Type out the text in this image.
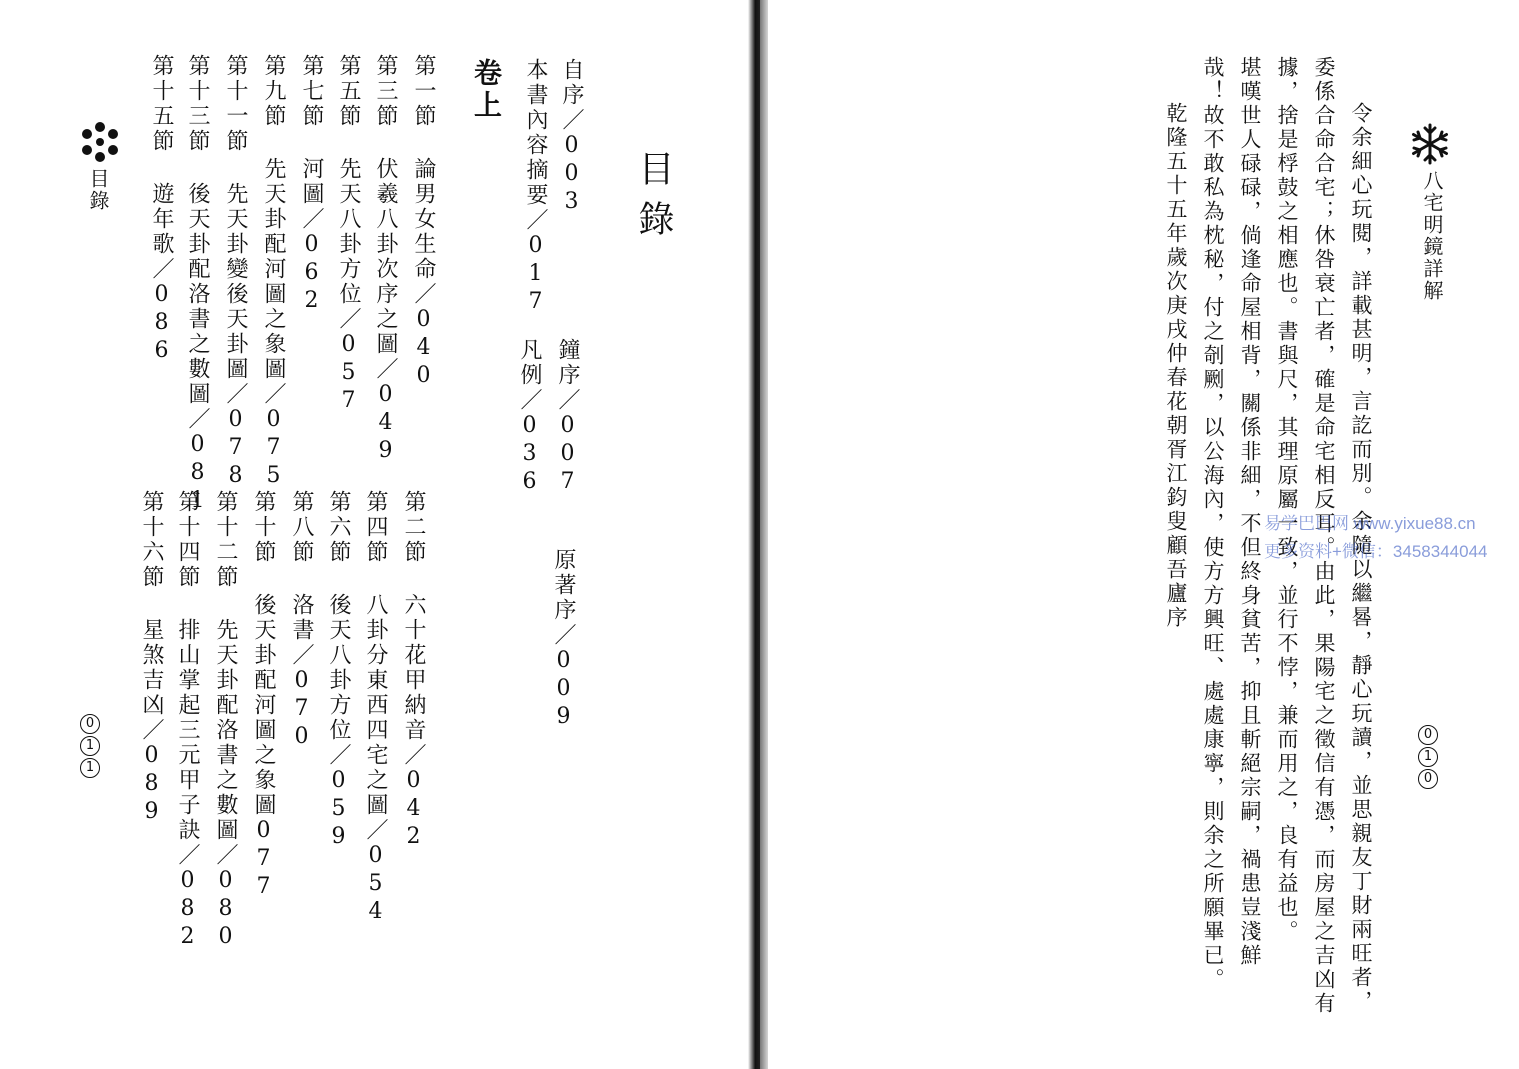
目錄
0
1
1
目錄
自序／003
本書內容摘要／017
鐘序／007
凡例／036
原著序／009
卷上
第一節 論男女生命／040
第三節 伏羲八卦次序之圖／049
第五節 先天八卦方位／057
第七節 河圖／062
第九節 先天卦配河圖之象圖／075
第十一節 先天卦變後天卦圖／078
第十三節 後天卦配洛書之數圖／081
第十五節 遊年歌／086
第二節 六十花甲納音／042
第四節 八卦分東西四宅之圖／054
第六節 後天八卦方位／059
第八節 洛書／070
第十節 後天卦配河圖之象圖077
第十二節 先天卦配洛書之數圖／080
第十四節 排山掌起三元甲子訣／082
第十六節 星煞吉凶／089
八宅明鏡詳解
0
1
0
令余細心玩閱，詳載甚明，言訖而別。余隨以繼晷，靜心玩讀，並思親友丁財兩旺者，
委係合命合宅；休咎衰亡者，確是命宅相反耳。由此，果陽宅之徵信有憑，而房屋之吉凶有
據，捨是桴鼓之相應也。書與尺，其理原屬一致，並行不悖，兼而用之，良有益也。
堪嘆世人碌碌，倘逢命屋相背，關係非細，不但終身貧苦，抑且斬絕宗嗣，禍患豈淺鮮
哉！故不敢私為枕秘，付之剞劂，以公海內，使方方興旺、處處康寧，則余之所願畢已。
乾隆五十五年歲次庚戌仲春花朝胥江鈞叟顧吾廬序	易学巴巴网 www.yixue88.cn
更多资料+微信：3458344044
